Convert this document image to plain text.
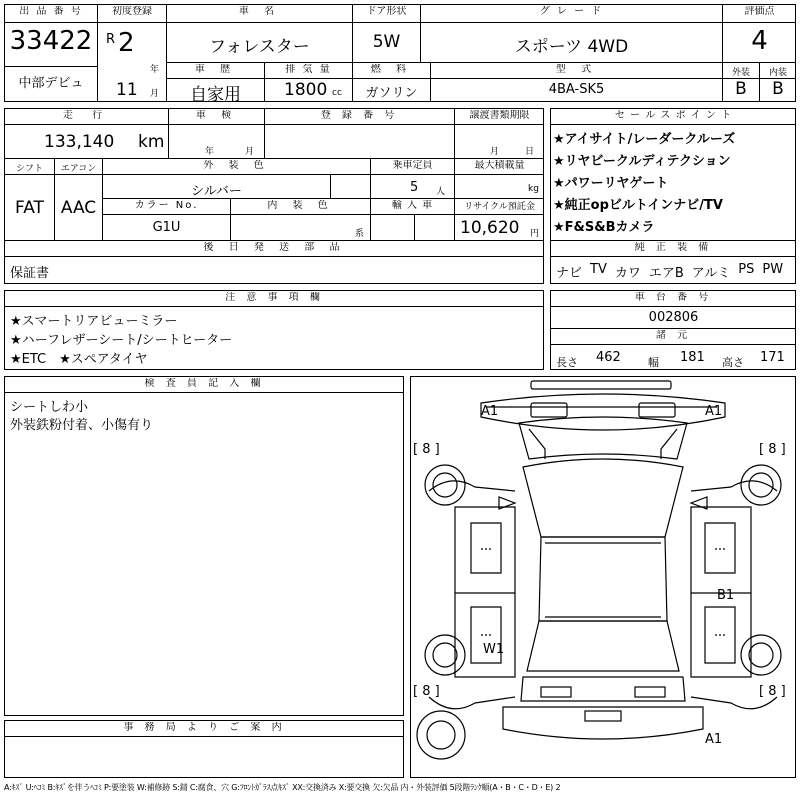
出 品 番 号
33422
中部デビュ
初度登録
R 2
年
11 月
車 名
フォレスター
ドア形状
5W
グ レ ー ド
スポーツ 4WD
評価点
4
車 歴
自家用
排 気 量
1800 cc
燃 料
ガソリン
型 式
4BA-SK5
外装	内装
B	B
走 行
133,140 km
車 検
年	月
登 録 番 号	譲渡書類期限
月	日
シフト
FAT
エアコン
AAC
外 装 色
シルバー
乗車定員
5 人
最大積載量
kg
カラー No.
G1U
内 装 色
系
輸 入 車	リサイクル預託金
10,620 円
後 日 発 送 部 品
保証書
セ ー ル ス ポ イ ン ト
★アイサイト/レーダークルーズ
★リヤビークルディテクション
★パワーリヤゲート
★純正opビルトインナビ/TV
★F&S&Bカメラ
純 正 装 備
ナビ TV カワ エアB アルミ PS PW
注 意 事 項 欄
★スマートリアビューミラー
★ハーフレザーシート/シートヒーター
★ETC　★スペアタイヤ
車 台 番 号
002806
諸 元
長さ 462 幅 181 高さ 171
検 査 員 記 入 欄
シートしわ小
外装鉄粉付着、小傷有り
事 務 局 よ り ご 案 内
A1	A1
[ 8 ]	[ 8 ]
B1
W1
[ 8 ]	[ 8 ]
A1
A:ｷｽﾞ U:ﾍｺﾐ B:ｷｽﾞを伴うﾍｺﾐ P:要塗装 W:補修跡 S:錆 C:腐食、穴 G:ﾌﾛﾝﾄｶﾞﾗｽ点ｷｽﾞ XX:交換済み X:要交換 欠:欠品 内・外装評価 5段階ﾗﾝｸ順(A・B・C・D・E) 2
